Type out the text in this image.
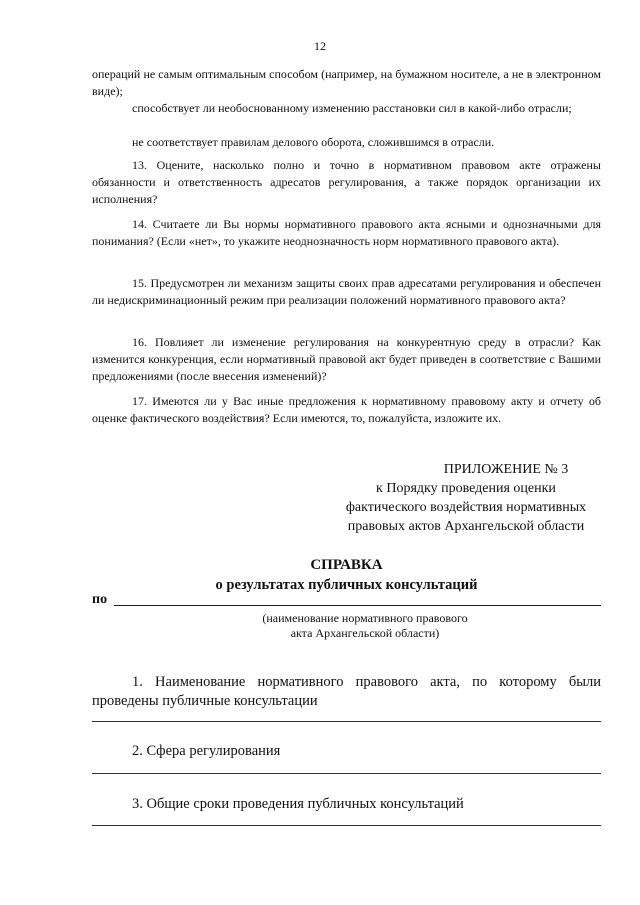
12
операций не самым оптимальным способом (например, на бумажном носителе, а не в электронном виде);
способствует ли необоснованному изменению расстановки сил в какой-либо отрасли;
не соответствует правилам делового оборота, сложившимся в отрасли.
13. Оцените, насколько полно и точно в нормативном правовом акте отражены обязанности и ответственность адресатов регулирования, а также порядок организации их исполнения?
14. Считаете ли Вы нормы нормативного правового акта ясными и однозначными для понимания? (Если «нет», то укажите неоднозначность норм нормативного правового акта).
15. Предусмотрен ли механизм защиты своих прав адресатами регулирования и обеспечен ли недискриминационный режим при реализации положений нормативного правового акта?
16. Повлияет ли изменение регулирования на конкурентную среду в отрасли? Как изменится конкуренция, если нормативный правовой акт будет приведен в соответствие с Вашими предложениями (после внесения изменений)?
17. Имеются ли у Вас иные предложения к нормативному правовому акту и отчету об оценке фактического воздействия? Если имеются, то, пожалуйста, изложите их.
ПРИЛОЖЕНИЕ № 3
к Порядку проведения оценки
фактического воздействия нормативных
правовых актов Архангельской области
СПРАВКА
о результатах публичных консультаций
по
(наименование нормативного правового
акта Архангельской области)
1. Наименование нормативного правового акта, по которому были проведены публичные консультации
2. Сфера регулирования
3. Общие сроки проведения публичных консультаций
